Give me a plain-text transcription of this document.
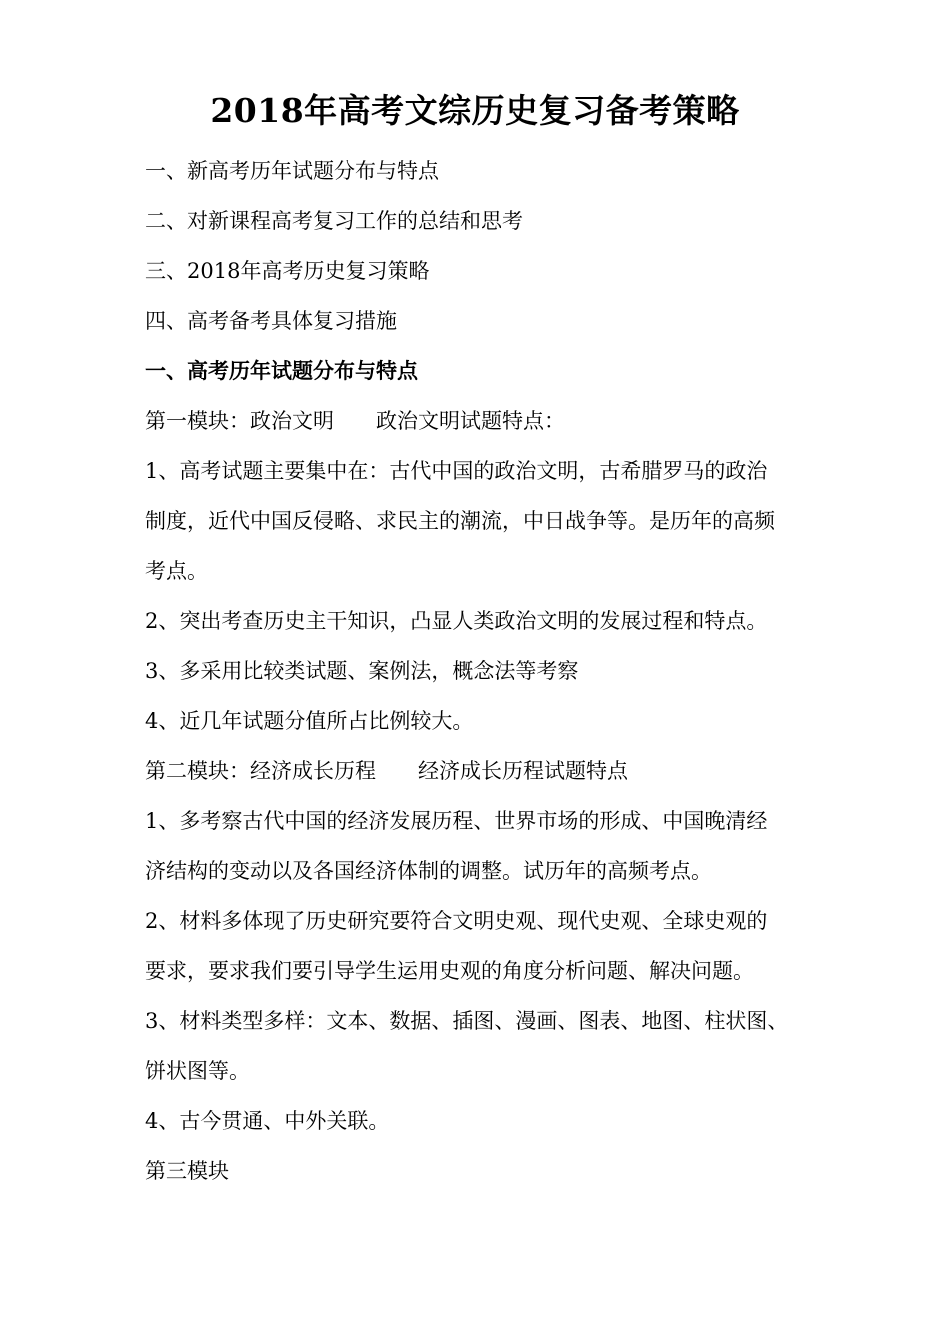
2018年高考文综历史复习备考策略
一、新高考历年试题分布与特点
二、对新课程高考复习工作的总结和思考
三、2018年高考历史复习策略
四、高考备考具体复习措施
一、高考历年试题分布与特点
第一模块：政治文明 政治文明试题特点：
1、高考试题主要集中在：古代中国的政治文明，古希腊罗马的政治
制度，近代中国反侵略、求民主的潮流，中日战争等。是历年的高频
考点。
2、突出考查历史主干知识，凸显人类政治文明的发展过程和特点。
3、多采用比较类试题、案例法，概念法等考察
4、近几年试题分值所占比例较大。
第二模块：经济成长历程 经济成长历程试题特点
1、多考察古代中国的经济发展历程、世界市场的形成、中国晚清经
济结构的变动以及各国经济体制的调整。试历年的高频考点。
2、材料多体现了历史研究要符合文明史观、现代史观、全球史观的
要求，要求我们要引导学生运用史观的角度分析问题、解决问题。
3、材料类型多样：文本、数据、插图、漫画、图表、地图、柱状图、
饼状图等。
4、古今贯通、中外关联。
第三模块
